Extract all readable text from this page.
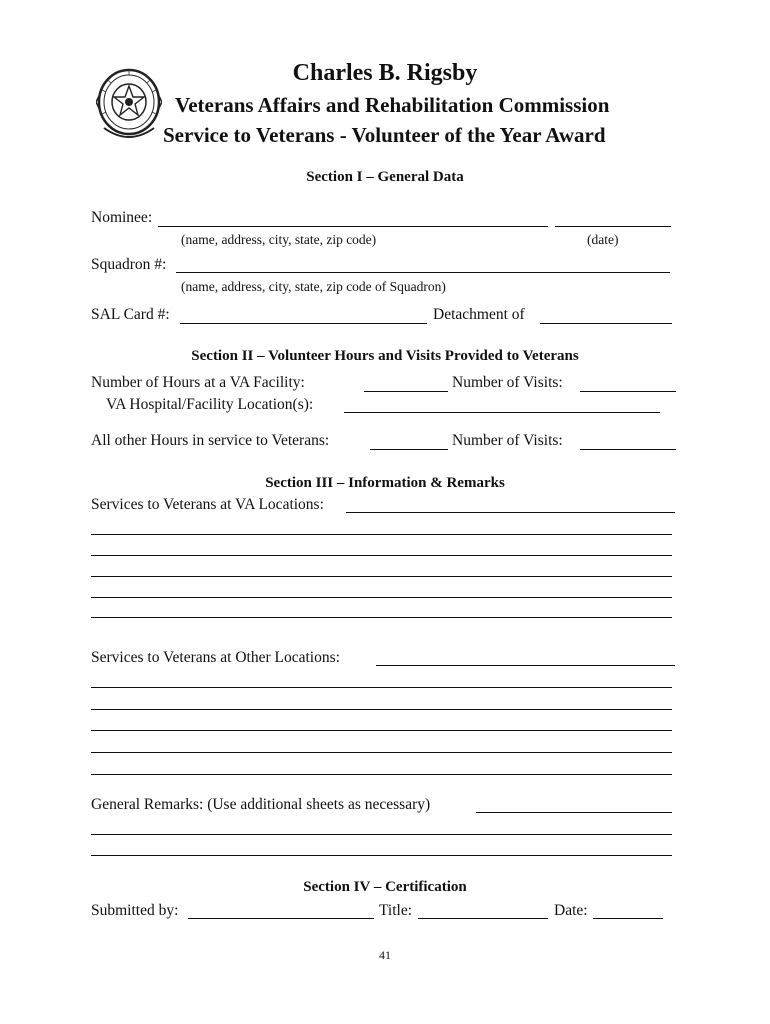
Charles B. Rigsby
Veterans Affairs and Rehabilitation Commission
Service to Veterans - Volunteer of the Year Award
Section I – General Data
Nominee:
(name, address, city, state, zip code)	(date)
Squadron #:
(name, address, city, state, zip code of Squadron)
SAL Card #:	Detachment of
Section II – Volunteer Hours and Visits Provided to Veterans
Number of Hours at a VA Facility:	Number of Visits:
VA Hospital/Facility Location(s):
All other Hours in service to Veterans:	Number of Visits:
Section III – Information & Remarks
Services to Veterans at VA Locations:
Services to Veterans at Other Locations:
General Remarks: (Use additional sheets as necessary)
Section IV – Certification
Submitted by:	Title:	Date:
41
